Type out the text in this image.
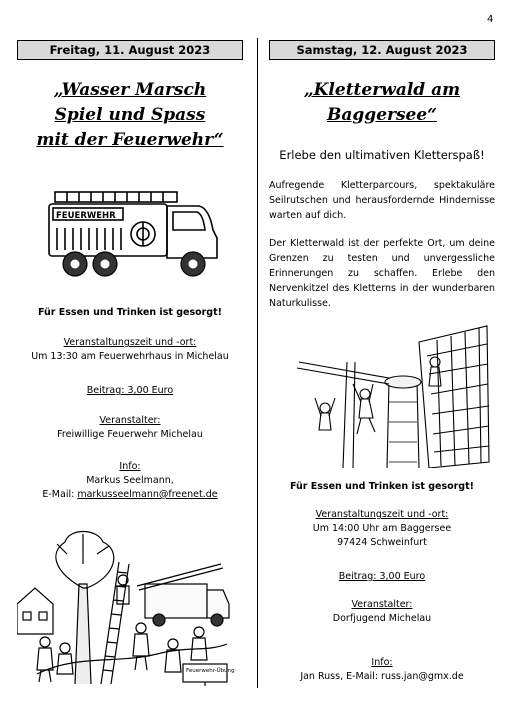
4
Freitag, 11. August 2023
„Wasser Marsch
Spiel und Spass
mit der Feuerwehr“
FEUERWEHR
Für Essen und Trinken ist gesorgt!
Veranstaltungszeit und -ort:
Um 13:30 am Feuerwehrhaus in Michelau
Beitrag: 3,00 Euro
Veranstalter:
Freiwillige Feuerwehr Michelau
Info:
Markus Seelmann,
E-Mail: markusseelmann@freenet.de
Feuerwehr-Übung
Samstag, 12. August 2023
„Kletterwald am
Baggersee“
Erlebe den ultimativen Kletterspaß!
Aufregende Kletterparcours, spektakuläre Seilrutschen und herausfordernde Hindernisse warten auf dich.
Der Kletterwald ist der perfekte Ort, um deine Grenzen zu testen und unvergessliche Erinnerungen zu schaffen. Erlebe den Nervenkitzel des Kletterns in der wunderbaren Naturkulisse.
Für Essen und Trinken ist gesorgt!
Veranstaltungszeit und -ort:
Um 14:00 Uhr am Baggersee
97424 Schweinfurt
Beitrag: 3,00 Euro
Veranstalter:
Dorfjugend Michelau
Info:
Jan Russ, E-Mail: russ.jan@gmx.de
